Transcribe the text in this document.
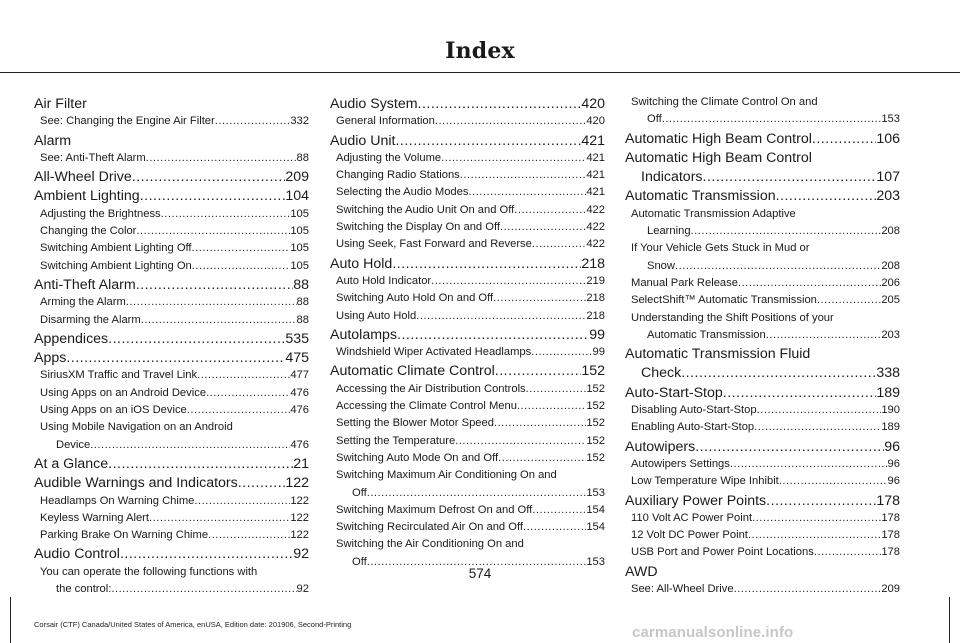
Index
Air Filter
See: Changing the Engine Air Filter .....	332
Alarm
See: Anti-Theft Alarm .....	88
All-Wheel Drive .....	209
Ambient Lighting .....	104
Adjusting the Brightness .....	105
Changing the Color .....	105
Switching Ambient Lighting Off .....	105
Switching Ambient Lighting On .....	105
Anti-Theft Alarm .....	88
Arming the Alarm .....	88
Disarming the Alarm .....	88
Appendices .....	535
Apps .....	475
SiriusXM Traffic and Travel Link .....	477
Using Apps on an Android Device .....	476
Using Apps on an iOS Device .....	476
Using Mobile Navigation on an Android
Device .....	476
At a Glance .....	21
Audible Warnings and Indicators .....	122
Headlamps On Warning Chime .....	122
Keyless Warning Alert .....	122
Parking Brake On Warning Chime .....	122
Audio Control .....	92
You can operate the following functions with
the control: .....	92
Audio System .....	420
General Information .....	420
Audio Unit .....	421
Adjusting the Volume .....	421
Changing Radio Stations .....	421
Selecting the Audio Modes .....	421
Switching the Audio Unit On and Off .....	422
Switching the Display On and Off .....	422
Using Seek, Fast Forward and Reverse .....	422
Auto Hold .....	218
Auto Hold Indicator .....	219
Switching Auto Hold On and Off .....	218
Using Auto Hold .....	218
Autolamps .....	99
Windshield Wiper Activated Headlamps .....	99
Automatic Climate Control .....	152
Accessing the Air Distribution Controls .....	152
Accessing the Climate Control Menu .....	152
Setting the Blower Motor Speed .....	152
Setting the Temperature .....	152
Switching Auto Mode On and Off .....	152
Switching Maximum Air Conditioning On and
Off .....	153
Switching Maximum Defrost On and Off .....	154
Switching Recirculated Air On and Off .....	154
Switching the Air Conditioning On and
Off .....	153
Switching the Climate Control On and
Off .....	153
Automatic High Beam Control .....	106
Automatic High Beam Control
Indicators .....	107
Automatic Transmission .....	203
Automatic Transmission Adaptive
Learning .....	208
If Your Vehicle Gets Stuck in Mud or
Snow .....	208
Manual Park Release .....	206
SelectShift™ Automatic Transmission .....	205
Understanding the Shift Positions of your
Automatic Transmission .....	203
Automatic Transmission Fluid
Check .....	338
Auto-Start-Stop .....	189
Disabling Auto-Start-Stop .....	190
Enabling Auto-Start-Stop .....	189
Autowipers .....	96
Autowipers Settings .....	96
Low Temperature Wipe Inhibit .....	96
Auxiliary Power Points .....	178
110 Volt AC Power Point .....	178
12 Volt DC Power Point .....	178
USB Port and Power Point Locations .....	178
AWD
See: All-Wheel Drive .....	209
574
Corsair (CTF) Canada/United States of America, enUSA, Edition date: 201906, Second-Printing	carmanualsonline.info
